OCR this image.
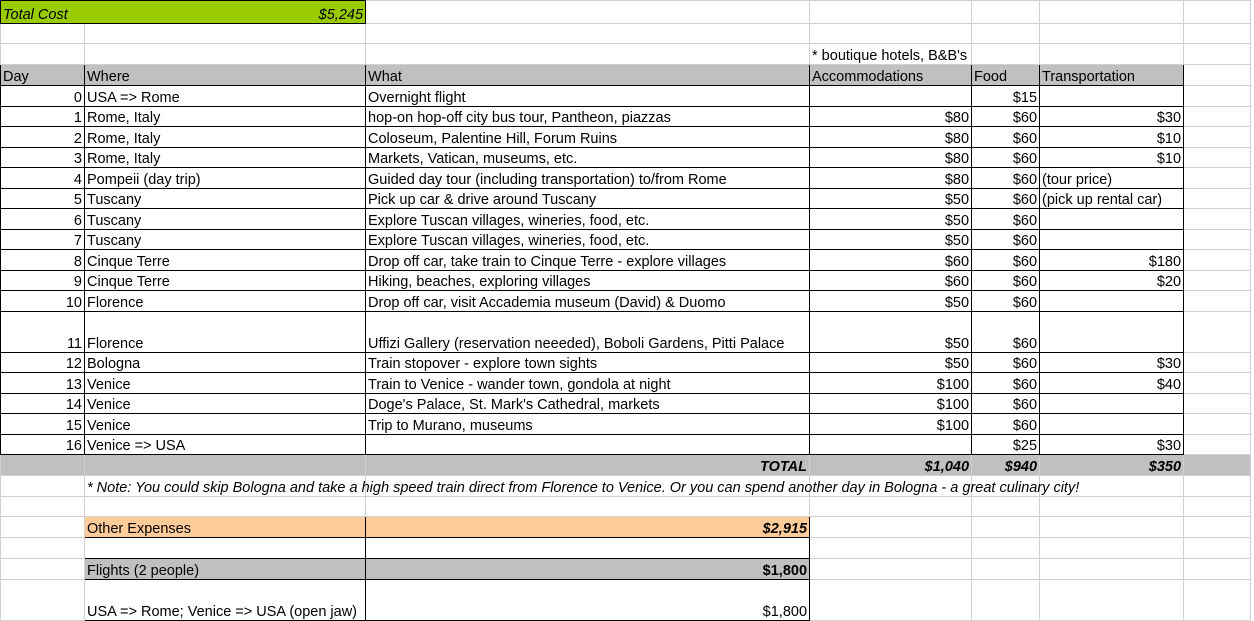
Total Cost $5,245						

			* boutique hotels, B&B's			
Day	Where	What	Accommodations	Food	Transportation	
0	USA => Rome	Overnight flight		$15		
1	Rome, Italy	hop-on hop-off city bus tour, Pantheon, piazzas	$80	$60	$30	
2	Rome, Italy	Coloseum, Palentine Hill, Forum Ruins	$80	$60	$10	
3	Rome, Italy	Markets, Vatican, museums, etc.	$80	$60	$10	
4	Pompeii (day trip)	Guided day tour (including transportation) to/from Rome	$80	$60	(tour price)	
5	Tuscany	Pick up car & drive around Tuscany	$50	$60	(pick up rental car)	
6	Tuscany	Explore Tuscan villages, wineries, food, etc.	$50	$60		
7	Tuscany	Explore Tuscan villages, wineries, food, etc.	$50	$60		
8	Cinque Terre	Drop off car, take train to Cinque Terre - explore villages	$60	$60	$180	
9	Cinque Terre	Hiking, beaches, exploring villages	$60	$60	$20	
10	Florence	Drop off car, visit Accademia museum (David) & Duomo	$50	$60		
11	Florence	Uffizi Gallery (reservation neeeded), Boboli Gardens, Pitti Palace	$50	$60		
12	Bologna	Train stopover - explore town sights	$50	$60	$30	
13	Venice	Train to Venice - wander town, gondola at night	$100	$60	$40	
14	Venice	Doge's Palace, St. Mark's Cathedral, markets	$100	$60		
15	Venice	Trip to Murano, museums	$100	$60		
16	Venice => USA			$25	$30	
		TOTAL	$1,040	$940	$350	
	* Note: You could skip Bologna and take a high speed train direct from Florence to Venice. Or you can spend another day in Bologna - a great culinary city!					

	Other Expenses	$2,915				

	Flights (2 people)	$1,800				
	USA => Rome; Venice => USA (open jaw)	$1,800				
